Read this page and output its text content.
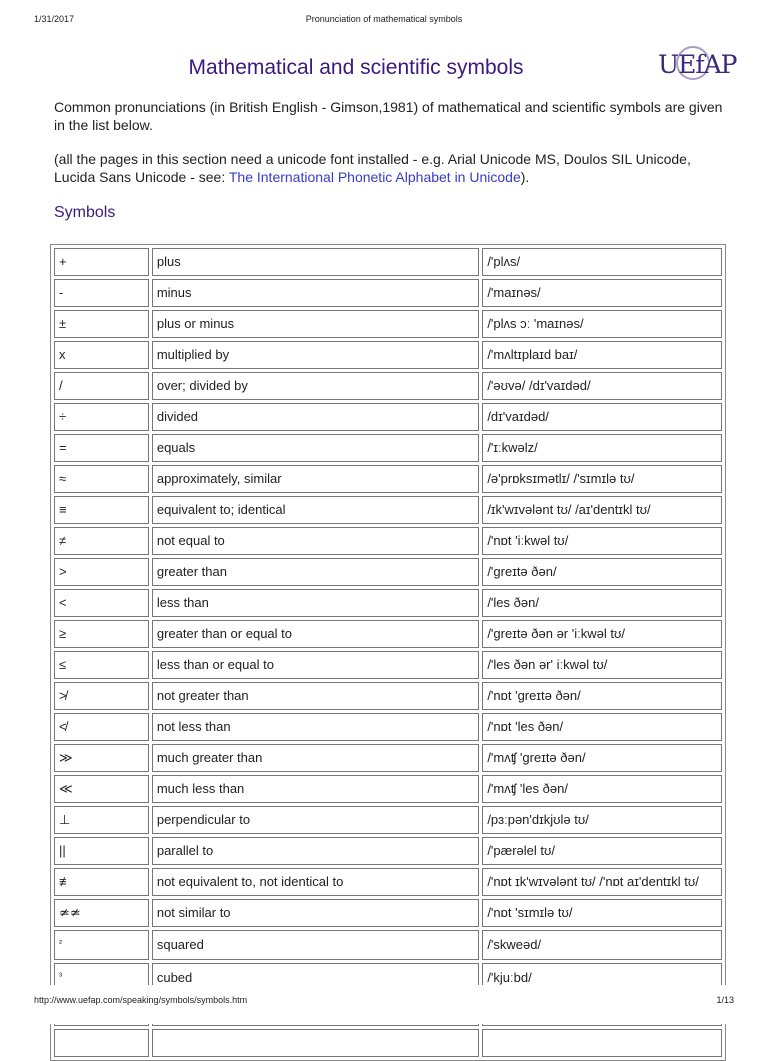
1/31/2017	Pronunciation of mathematical symbols
UEfAP
Mathematical and scientific symbols

Common pronunciations (in British English - Gimson,1981) of mathematical and scientific symbols are given in the list below.

(all the pages in this section need a unicode font installed - e.g. Arial Unicode MS, Doulos SIL Unicode, Lucida Sans Unicode - see: The International Phonetic Alphabet in Unicode).

Symbols
+	plus	/'plʌs/
-	minus	/'maɪnəs/
±	plus or minus	/'plʌs ɔː 'maɪnəs/
x	multiplied by	/'mʌltɪplaɪd baɪ/
/	over; divided by	/'əʊvə/ /dɪ'vaɪdəd/
÷	divided	/dɪ'vaɪdəd/
=	equals	/'ɪːkwəlz/
≈	approximately, similar	/ə'prɒksɪmətlɪ/ /'sɪmɪlə tʊ/
≡	equivalent to; identical	/ɪk'wɪvələnt tʊ/ /aɪ'dentɪkl tʊ/
≠	not equal to	/'nɒt 'iːkwəl tʊ/
>	greater than	/'greɪtə ðən/
<	less than	/'les ðən/
≥	greater than or equal to	/'greɪtə ðən ər 'iːkwəl tʊ/
≤	less than or equal to	/'les ðən ər' iːkwəl tʊ/
≯	not greater than	/'nɒt 'greɪtə ðən/
≮	not less than	/'nɒt 'les ðən/
≫	much greater than	/'mʌʧ 'greɪtə ðən/
≪	much less than	/'mʌʧ 'les ðən/
⊥	perpendicular to	/pɜːpən'dɪkjʊlə tʊ/
||	parallel to	/'pærəlel tʊ/
≢	not equivalent to, not identical to	/'nɒt ɪk'wɪvələnt tʊ/ /'nɒt aɪ'dentɪkl tʊ/
≄≄	not similar to	/'nɒt 'sɪmɪlə tʊ/
²	squared	/'skweəd/
³	cubed	/'kjuːbd/

http://www.uefap.com/speaking/symbols/symbols.htm	1/13
